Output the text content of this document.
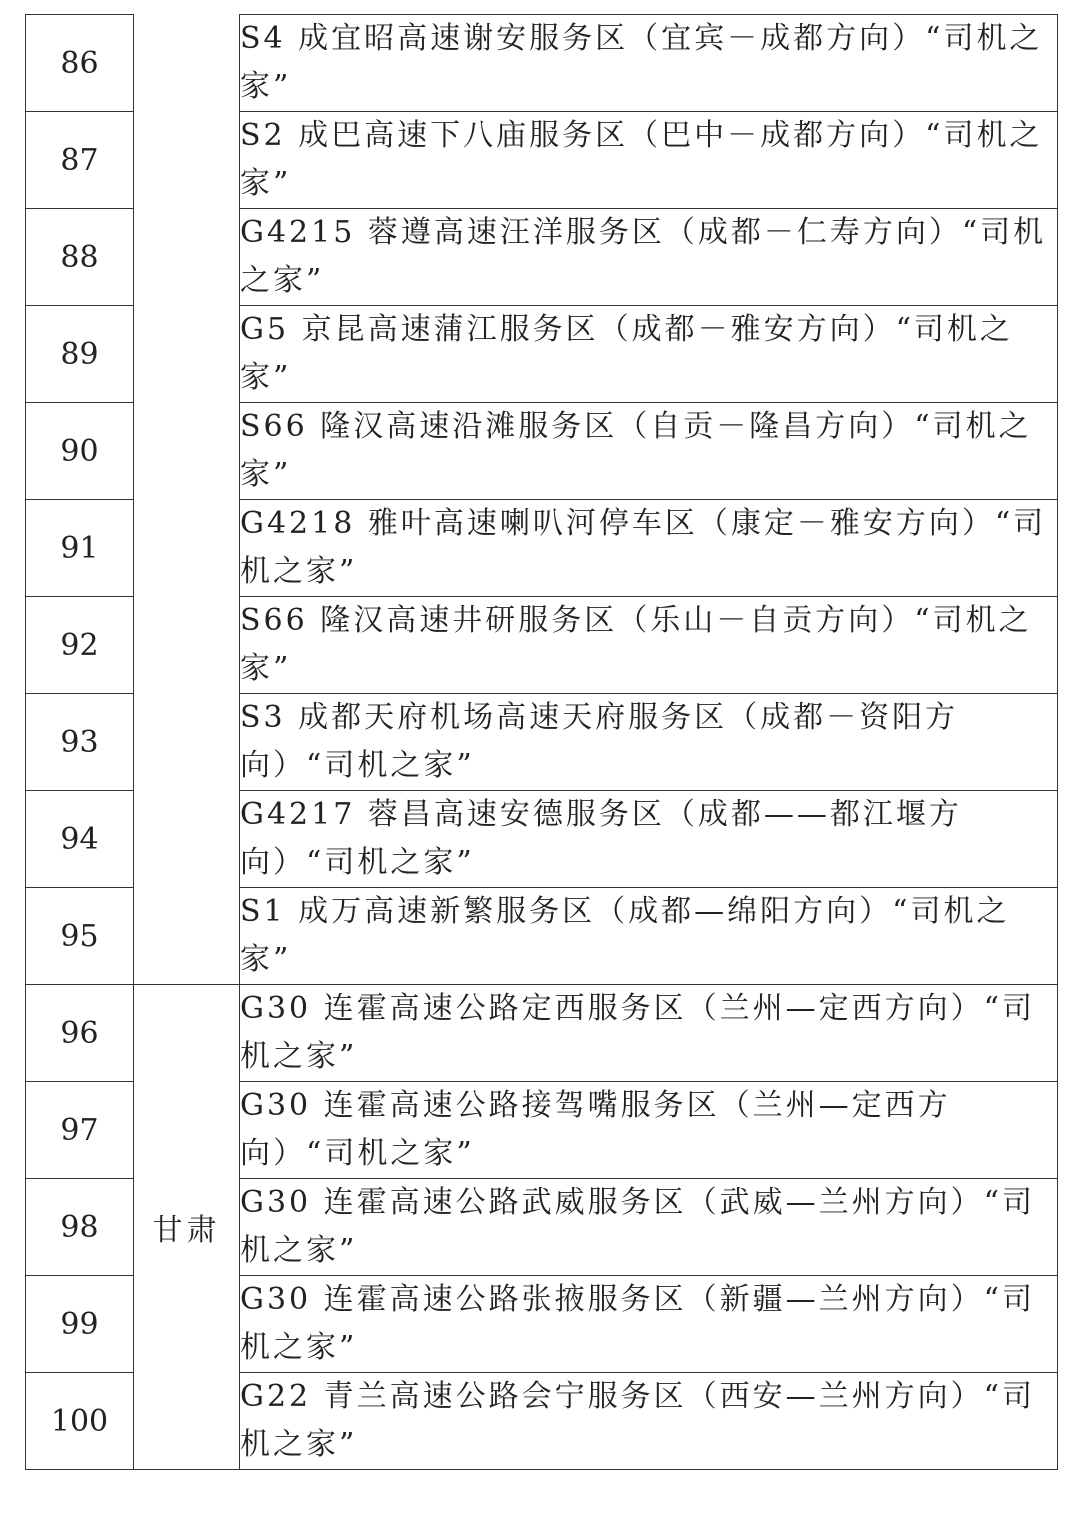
86		S4 成宜昭高速谢安服务区（宜宾－成都方向）“司机之家”
87		S2 成巴高速下八庙服务区（巴中－成都方向）“司机之家”
88		G4215 蓉遵高速汪洋服务区（成都－仁寿方向）“司机之家”
89		G5 京昆高速蒲江服务区（成都－雅安方向）“司机之家”
90		S66 隆汉高速沿滩服务区（自贡－隆昌方向）“司机之家”
91		G4218 雅叶高速喇叭河停车区（康定－雅安方向）“司机之家”
92		S66 隆汉高速井研服务区（乐山－自贡方向）“司机之家”
93		S3 成都天府机场高速天府服务区（成都－资阳方向）“司机之家”
94		G4217 蓉昌高速安德服务区（成都——都江堰方向）“司机之家”
95		S1 成万高速新繁服务区（成都—绵阳方向）“司机之家”
96	甘肃	G30 连霍高速公路定西服务区（兰州—定西方向）“司机之家”
97		G30 连霍高速公路接驾嘴服务区（兰州—定西方向）“司机之家”
98		G30 连霍高速公路武威服务区（武威—兰州方向）“司机之家”
99		G30 连霍高速公路张掖服务区（新疆—兰州方向）“司机之家”
100		G22 青兰高速公路会宁服务区（西安—兰州方向）“司机之家”
